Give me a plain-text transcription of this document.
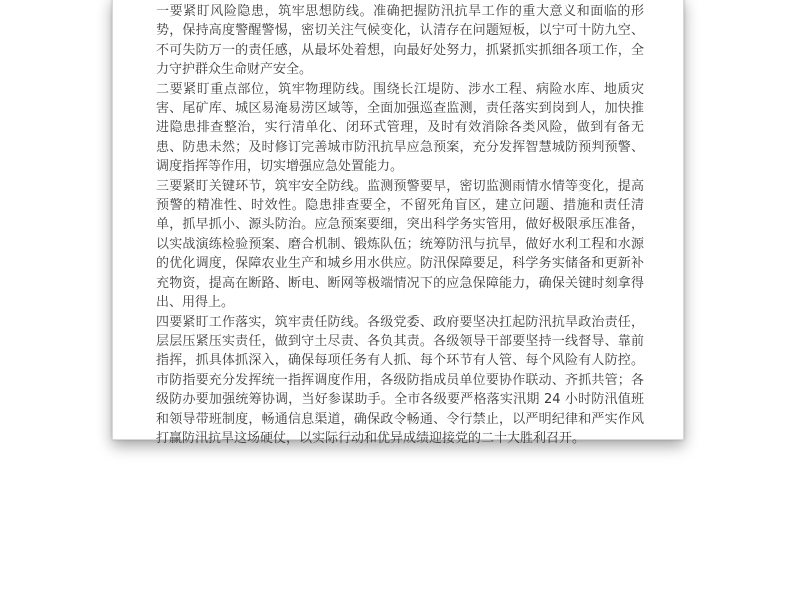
一要紧盯风险隐患，筑牢思想防线。准确把握防汛抗旱工作的重大意义和面临的形势，保持高度警醒警惕，密切关注气候变化，认清存在问题短板，以宁可十防九空、不可失防万一的责任感，从最坏处着想，向最好处努力，抓紧抓实抓细各项工作，全力守护群众生命财产安全。

二要紧盯重点部位，筑牢物理防线。围绕长江堤防、涉水工程、病险水库、地质灾害、尾矿库、城区易淹易涝区域等，全面加强巡查监测，责任落实到岗到人，加快推进隐患排查整治，实行清单化、闭环式管理，及时有效消除各类风险，做到有备无患、防患未然；及时修订完善城市防汛抗旱应急预案，充分发挥智慧城防预判预警、调度指挥等作用，切实增强应急处置能力。

三要紧盯关键环节，筑牢安全防线。监测预警要早，密切监测雨情水情等变化，提高预警的精准性、时效性。隐患排查要全，不留死角盲区，建立问题、措施和责任清单，抓早抓小、源头防治。应急预案要细，突出科学务实管用，做好极限承压准备，以实战演练检验预案、磨合机制、锻炼队伍；统筹防汛与抗旱，做好水利工程和水源的优化调度，保障农业生产和城乡用水供应。防汛保障要足，科学务实储备和更新补充物资，提高在断路、断电、断网等极端情况下的应急保障能力，确保关键时刻拿得出、用得上。

四要紧盯工作落实，筑牢责任防线。各级党委、政府要坚决扛起防汛抗旱政治责任，层层压紧压实责任，做到守土尽责、各负其责。各级领导干部要坚持一线督导、靠前指挥，抓具体抓深入，确保每项任务有人抓、每个环节有人管、每个风险有人防控。市防指要充分发挥统一指挥调度作用，各级防指成员单位要协作联动、齐抓共管；各级防办要加强统筹协调，当好参谋助手。全市各级要严格落实汛期 24 小时防汛值班和领导带班制度，畅通信息渠道，确保政令畅通、令行禁止，以严明纪律和严实作风打赢防汛抗旱这场硬仗，以实际行动和优异成绩迎接党的二十大胜利召开。
